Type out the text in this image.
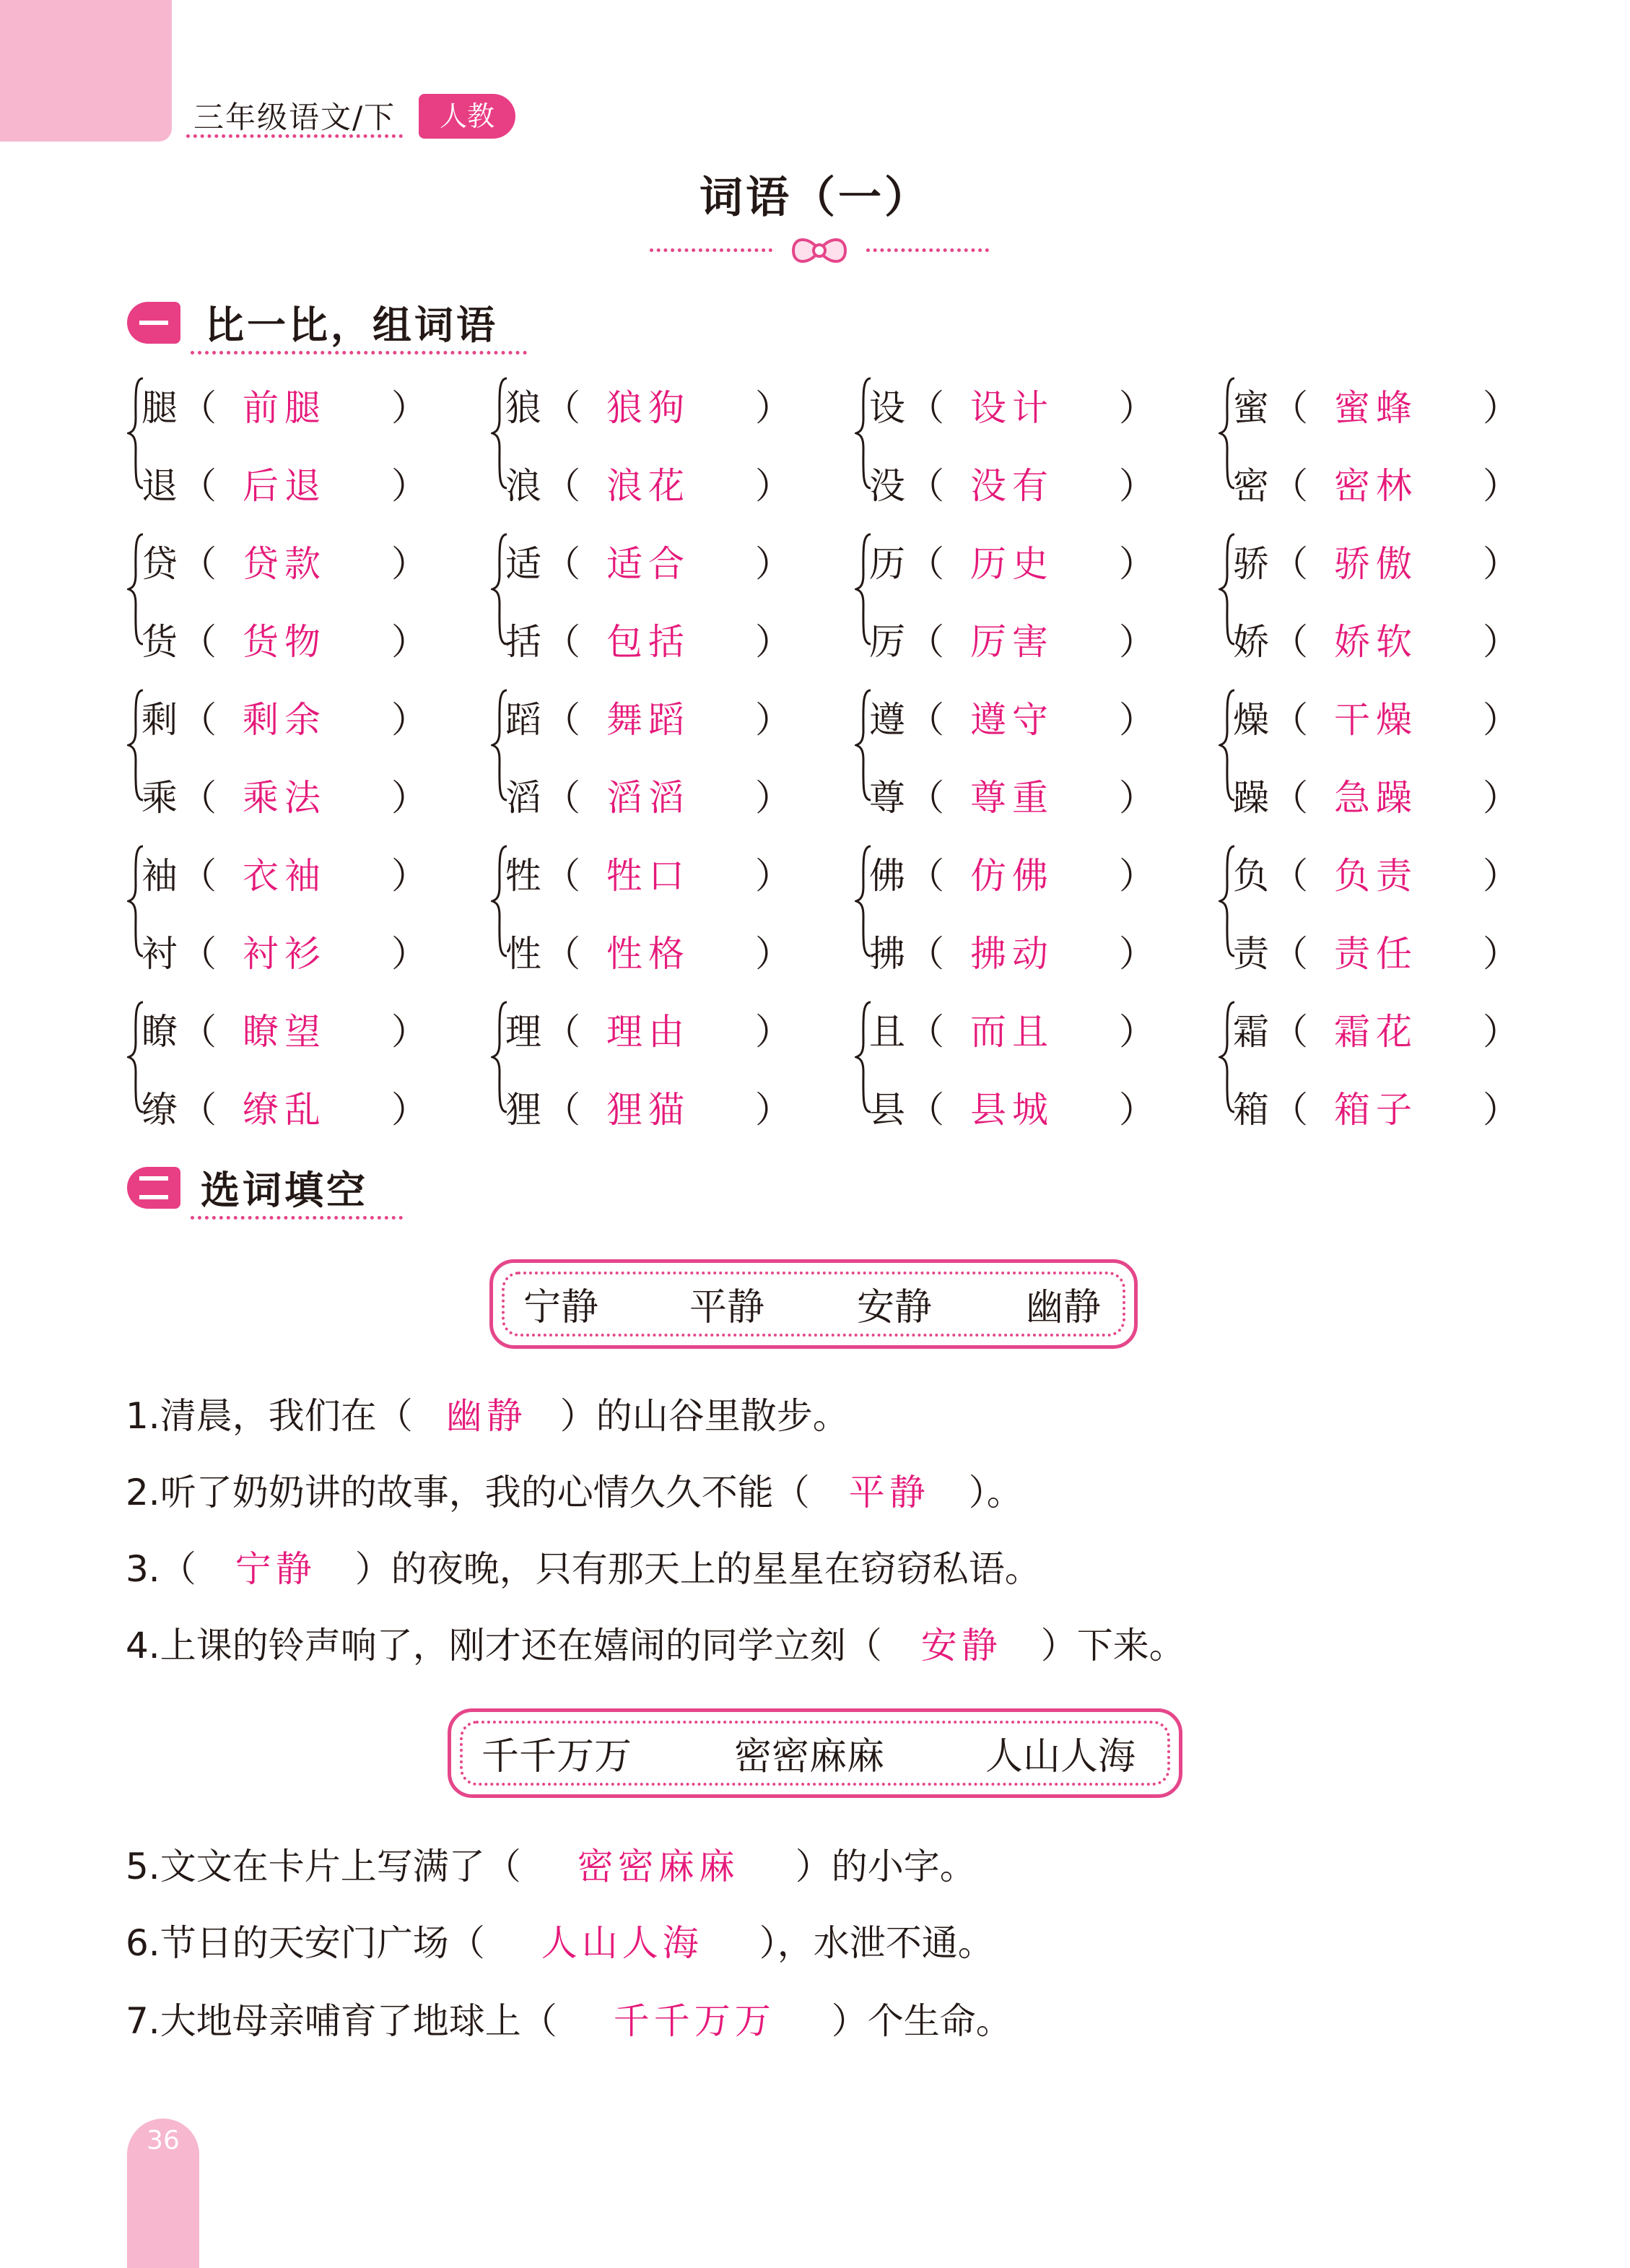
三年级语文/下	人教
词语（一）
比一比，组词语
腿 （ 前腿 ）
退 （ 后退 ）
狼 （ 狼狗 ）
浪 （ 浪花 ）
设 （ 设计 ）
没 （ 没有 ）
蜜 （ 蜜蜂 ）
密 （ 密林 ）
贷 （ 贷款 ）
货 （ 货物 ）
适 （ 适合 ）
括 （ 包括 ）
历 （ 历史 ）
厉 （ 厉害 ）
骄 （ 骄傲 ）
娇 （ 娇软 ）
剩 （ 剩余 ）
乘 （ 乘法 ）
蹈 （ 舞蹈 ）
滔 （ 滔滔 ）
遵 （ 遵守 ）
尊 （ 尊重 ）
燥 （ 干燥 ）
躁 （ 急躁 ）
袖 （ 衣袖 ）
衬 （ 衬衫 ）
牲 （ 牲口 ）
性 （ 性格 ）
佛 （ 仿佛 ）
拂 （ 拂动 ）
负 （ 负责 ）
责 （ 责任 ）
瞭 （ 瞭望 ）
缭 （ 缭乱 ）
理 （ 理由 ）
狸 （ 狸猫 ）
且 （ 而且 ）
县 （ 县城 ）
霜 （ 霜花 ）
箱 （ 箱子 ）
选词填空
宁静 平静 安静 幽静
千千万万	密密麻麻	人山人海
1.清晨，我们在（ 幽静 ）的山谷里散步。
2.听了奶奶讲的故事，我的心情久久不能（ 平静 ）。
3.（ 宁静 ）的夜晚，只有那天上的星星在窃窃私语。
4.上课的铃声响了，刚才还在嬉闹的同学立刻（ 安静 ）下来。
5.文文在卡片上写满了（ 密密麻麻 ）的小字。
6.节日的天安门广场（ 人山人海 ），水泄不通。
7.大地母亲哺育了地球上（ 千千万万 ）个生命。
36
